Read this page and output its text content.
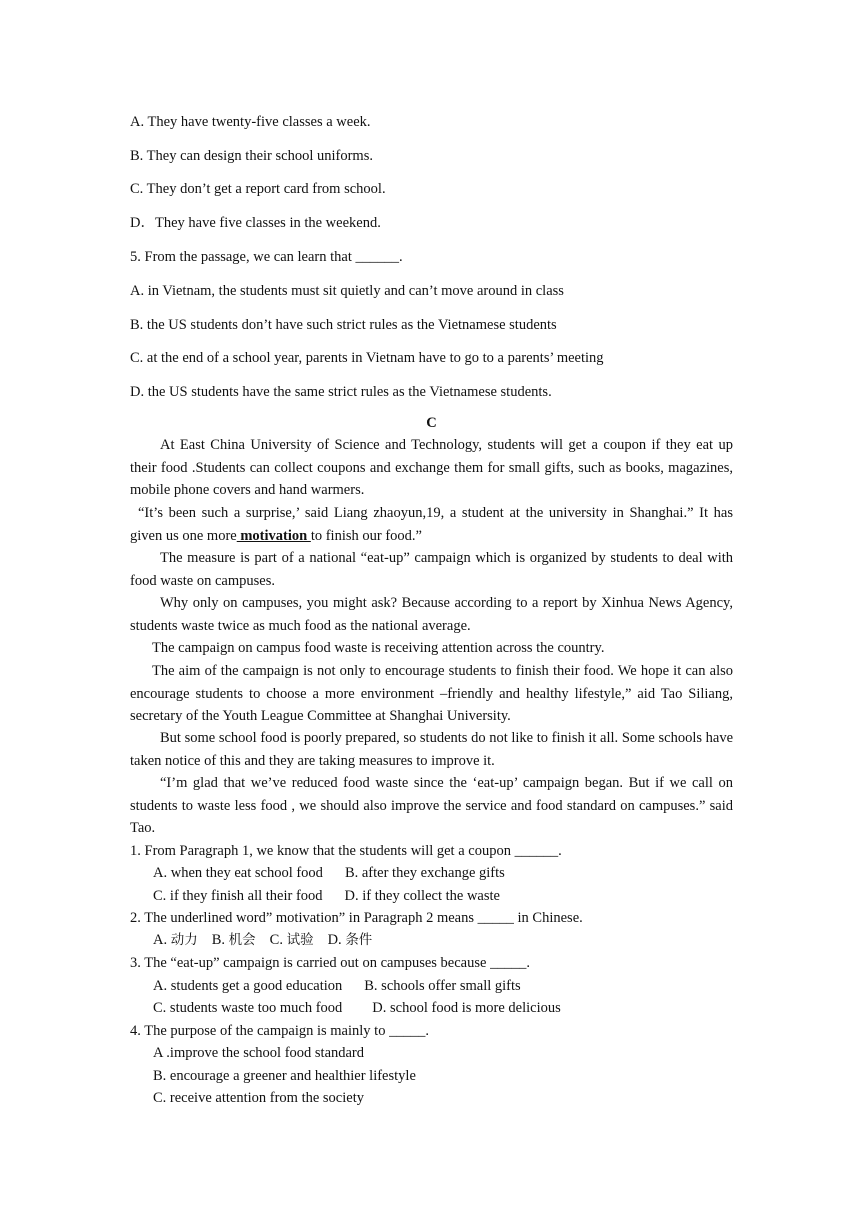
A. They have twenty-five classes a week.
B. They can design their school uniforms.
C. They don’t get a report card from school.
D．They have five classes in the weekend.
5. From the passage, we can learn that ______.
A. in Vietnam, the students must sit quietly and can’t move around in class
B. the US students don’t have such strict rules as the Vietnamese students
C. at the end of a school year, parents in Vietnam have to go to a parents’ meeting
D. the US students have the same strict rules as the Vietnamese students.
C
At East China University of Science and Technology, students will get a coupon if they eat up their food .Students can collect coupons and exchange them for small gifts, such as books, magazines, mobile phone covers and hand warmers.
“It’s been such a surprise,’ said Liang zhaoyun,19, a student at the university in Shanghai.” It has given us one more motivation to finish our food.”
The measure is part of a national “eat-up” campaign which is organized by students to deal with food waste on campuses.
Why only on campuses, you might ask? Because according to a report by Xinhua News Agency, students waste twice as much food as the national average.
The campaign on campus food waste is receiving attention across the country.
The aim of the campaign is not only to encourage students to finish their food. We hope it can also encourage students to choose a more environment –friendly and healthy lifestyle,” aid Tao Siliang, secretary of the Youth League Committee at Shanghai University.
But some school food is poorly prepared, so students do not like to finish it all. Some schools have taken notice of this and they are taking measures to improve it.
“I’m glad that we’ve reduced food waste since the ‘eat-up’ campaign began. But if we call on students to waste less food , we should also improve the service and food standard on campuses.” said Tao.
1. From Paragraph 1, we know that the students will get a coupon ______.
A. when they eat school food B. after they exchange gifts
C. if they finish all their food D. if they collect the waste
2. The underlined word” motivation” in Paragraph 2 means _____ in Chinese.
A. 动力 B. 机会 C. 试验 D. 条件
3. The “eat-up” campaign is carried out on campuses because _____.
A. students get a good education B. schools offer small gifts
C. students waste too much food D. school food is more delicious
4. The purpose of the campaign is mainly to _____.
A .improve the school food standard
B. encourage a greener and healthier lifestyle
C. receive attention from the society
